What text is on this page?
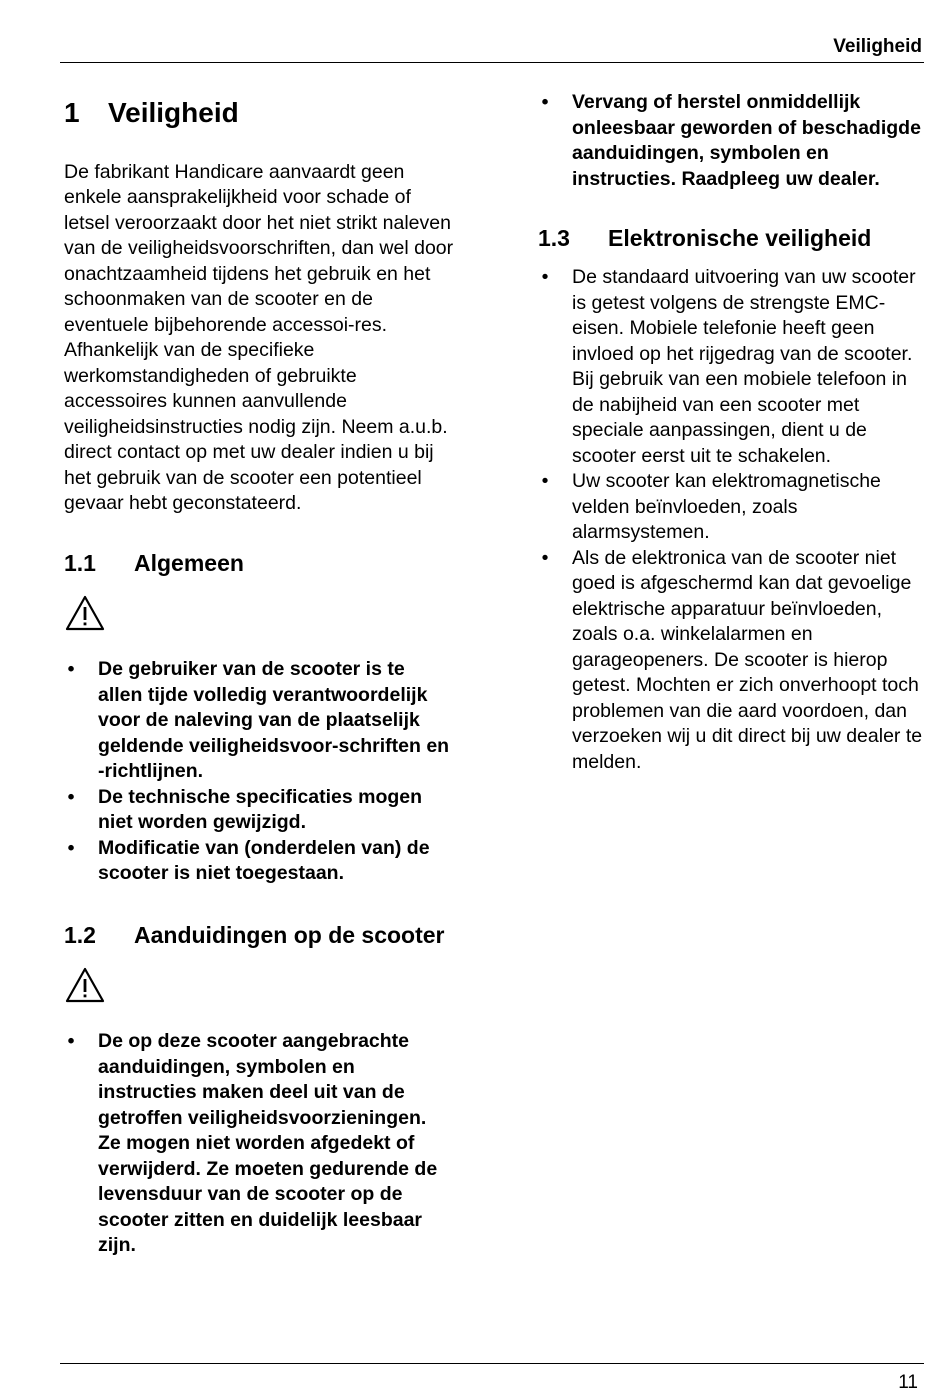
Veiligheid
1	Veiligheid

De fabrikant Handicare aanvaardt geen enkele aansprakelijkheid voor schade of letsel veroorzaakt door het niet strikt naleven van de veiligheidsvoorschriften, dan wel door onachtzaamheid tijdens het gebruik en het schoonmaken van de scooter en de eventuele bijbehorende accessoi-res. Afhankelijk van de specifieke werkomstandigheden of gebruikte accessoires kunnen aanvullende veiligheidsinstructies nodig zijn. Neem a.u.b. direct contact op met uw dealer indien u bij het gebruik van de scooter een potentieel gevaar hebt geconstateerd.

1.1	Algemeen
• De gebruiker van de scooter is te allen tijde volledig verantwoordelijk voor de naleving van de plaatselijk geldende veiligheidsvoor-schriften en -richtlijnen.
• De technische specificaties mogen niet worden gewijzigd.
• Modificatie van (onderdelen van) de scooter is niet toegestaan.
1.2	Aanduidingen op de scooter
• De op deze scooter aangebrachte aanduidingen, symbolen en instructies maken deel uit van de getroffen veiligheidsvoorzieningen. Ze mogen niet worden afgedekt of verwijderd. Ze moeten gedurende de levensduur van de scooter op de scooter zitten en duidelijk leesbaar zijn.
• Vervang of herstel onmiddellijk onleesbaar geworden of beschadigde aanduidingen, symbolen en instructies. Raadpleeg uw dealer.
1.3	Elektronische veiligheid
• De standaard uitvoering van uw scooter is getest volgens de strengste EMC-eisen. Mobiele telefonie heeft geen invloed op het rijgedrag van de scooter.
Bij gebruik van een mobiele telefoon in de nabijheid van een scooter met speciale aanpassingen, dient u de scooter eerst uit te schakelen.
• Uw scooter kan elektromagnetische velden beïnvloeden, zoals alarmsystemen.
• Als de elektronica van de scooter niet goed is afgeschermd kan dat gevoelige elektrische apparatuur beïnvloeden, zoals o.a. winkelalarmen en garageopeners. De scooter is hierop getest. Mochten er zich onverhoopt toch problemen van die aard voordoen, dan verzoeken wij u dit direct bij uw dealer te melden.
11
